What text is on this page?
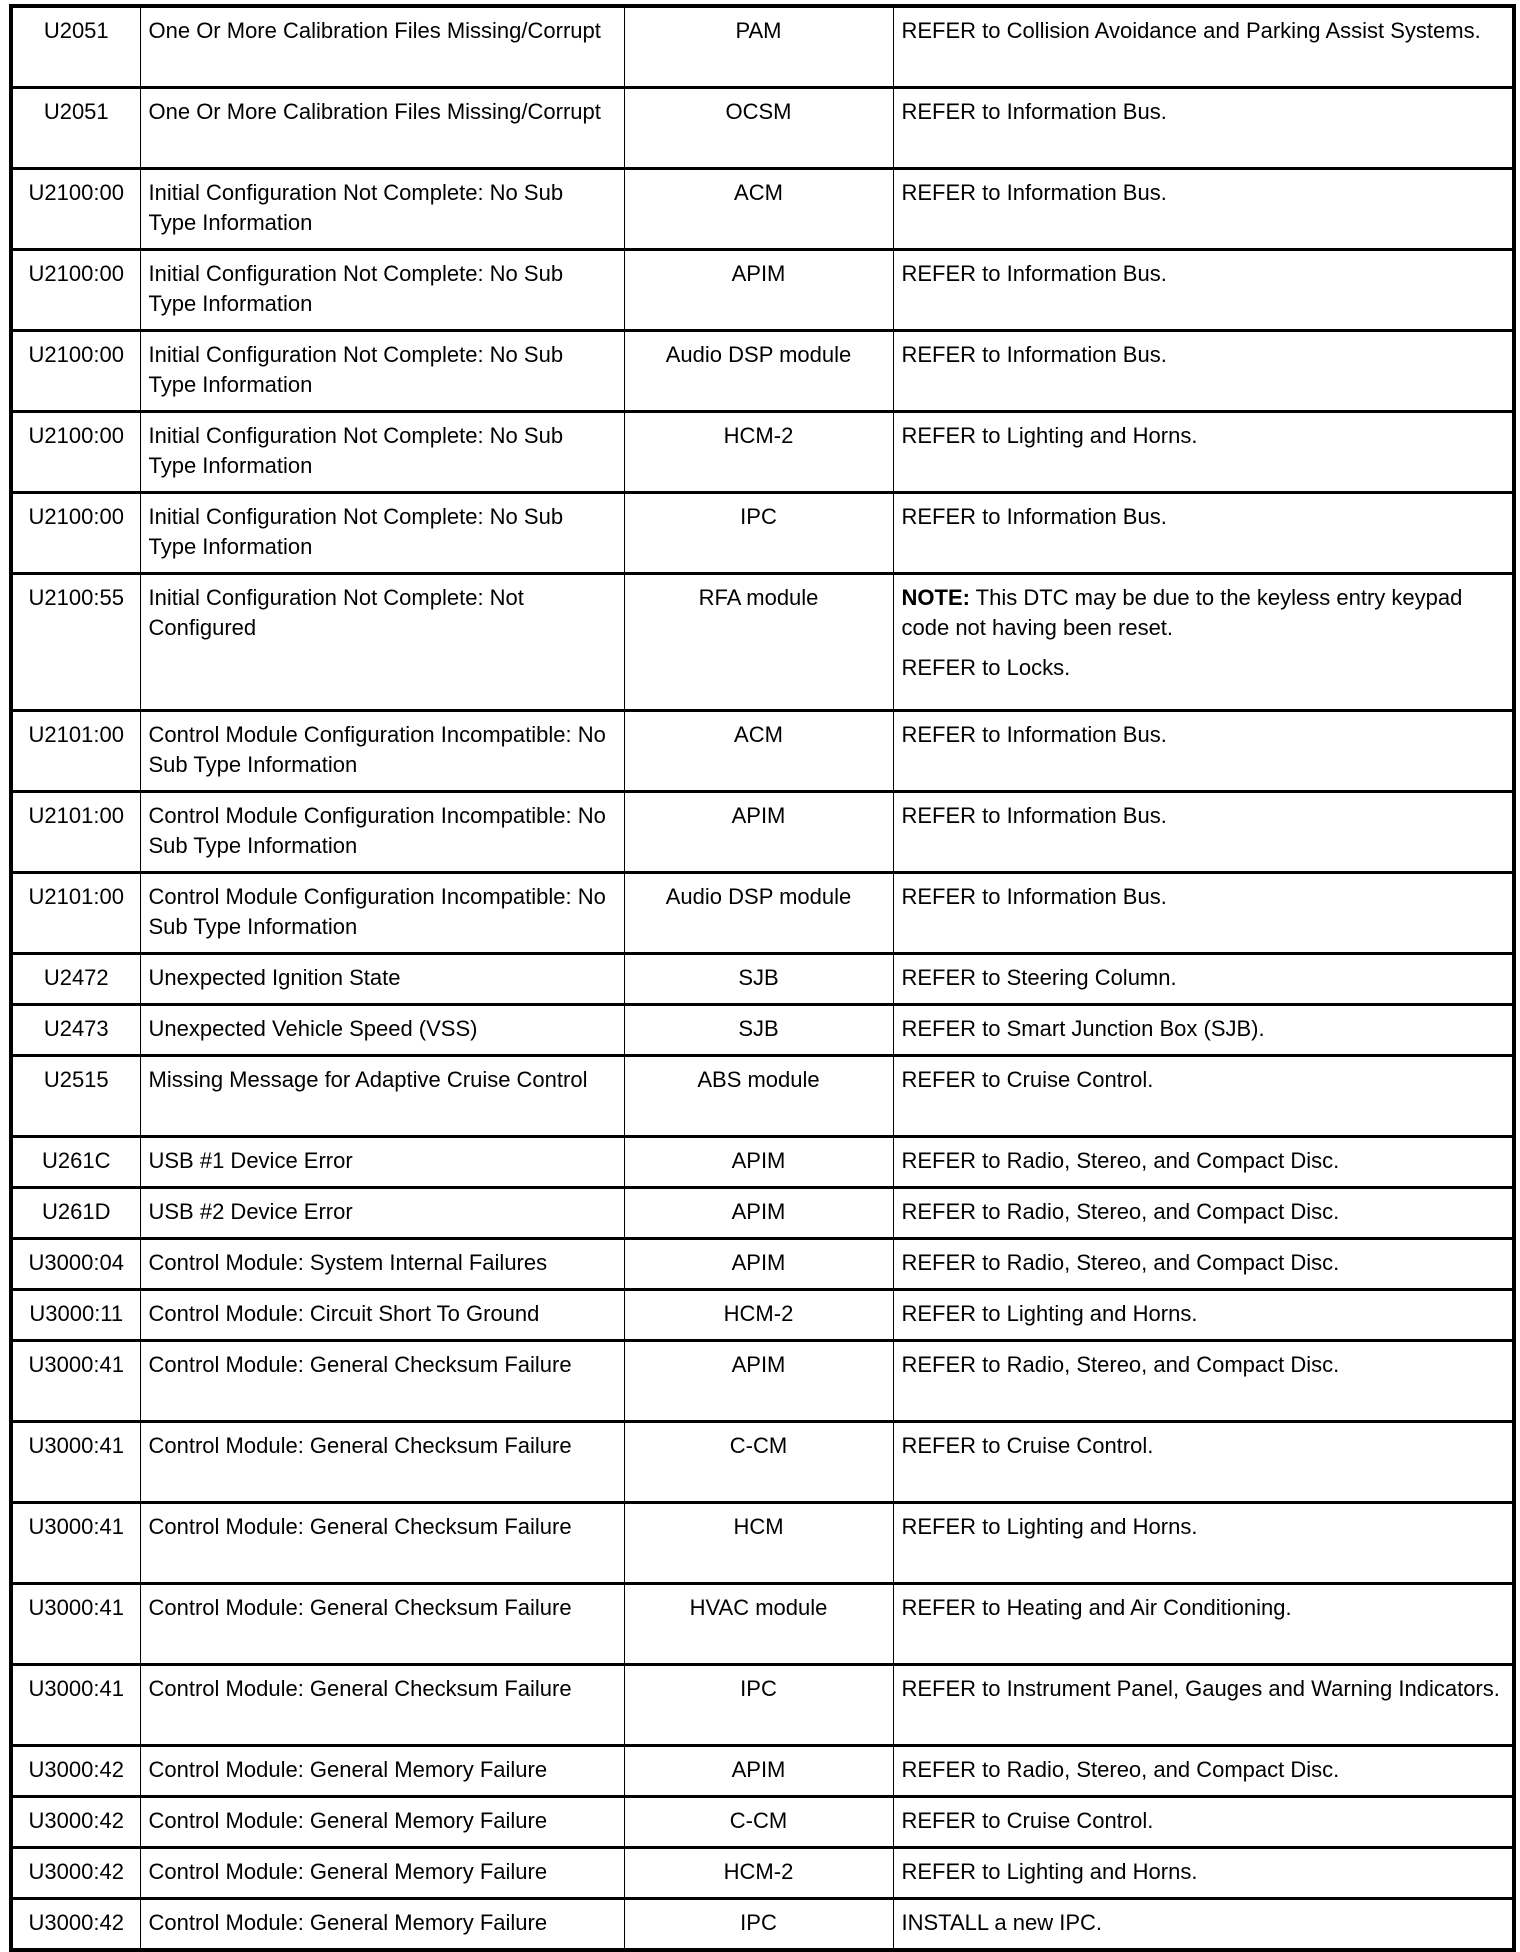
U2051	One Or More Calibration Files Missing/Corrupt	PAM	REFER to Collision Avoidance and Parking Assist Systems.
U2051	One Or More Calibration Files Missing/Corrupt	OCSM	REFER to Information Bus.
U2100:00	Initial Configuration Not Complete: No Sub Type Information	ACM	REFER to Information Bus.
U2100:00	Initial Configuration Not Complete: No Sub Type Information	APIM	REFER to Information Bus.
U2100:00	Initial Configuration Not Complete: No Sub Type Information	Audio DSP module	REFER to Information Bus.
U2100:00	Initial Configuration Not Complete: No Sub Type Information	HCM-2	REFER to Lighting and Horns.
U2100:00	Initial Configuration Not Complete: No Sub Type Information	IPC	REFER to Information Bus.
U2100:55	Initial Configuration Not Complete: Not Configured	RFA module	NOTE: This DTC may be due to the keyless entry keypad code not having been reset.

REFER to Locks.

U2101:00	Control Module Configuration Incompatible: No Sub Type Information	ACM	REFER to Information Bus.
U2101:00	Control Module Configuration Incompatible: No Sub Type Information	APIM	REFER to Information Bus.
U2101:00	Control Module Configuration Incompatible: No Sub Type Information	Audio DSP module	REFER to Information Bus.
U2472	Unexpected Ignition State	SJB	REFER to Steering Column.
U2473	Unexpected Vehicle Speed (VSS)	SJB	REFER to Smart Junction Box (SJB).
U2515	Missing Message for Adaptive Cruise Control	ABS module	REFER to Cruise Control.
U261C	USB #1 Device Error	APIM	REFER to Radio, Stereo, and Compact Disc.
U261D	USB #2 Device Error	APIM	REFER to Radio, Stereo, and Compact Disc.
U3000:04	Control Module: System Internal Failures	APIM	REFER to Radio, Stereo, and Compact Disc.
U3000:11	Control Module: Circuit Short To Ground	HCM-2	REFER to Lighting and Horns.
U3000:41	Control Module: General Checksum Failure	APIM	REFER to Radio, Stereo, and Compact Disc.
U3000:41	Control Module: General Checksum Failure	C-CM	REFER to Cruise Control.
U3000:41	Control Module: General Checksum Failure	HCM	REFER to Lighting and Horns.
U3000:41	Control Module: General Checksum Failure	HVAC module	REFER to Heating and Air Conditioning.
U3000:41	Control Module: General Checksum Failure	IPC	REFER to Instrument Panel, Gauges and Warning Indicators.
U3000:42	Control Module: General Memory Failure	APIM	REFER to Radio, Stereo, and Compact Disc.
U3000:42	Control Module: General Memory Failure	C-CM	REFER to Cruise Control.
U3000:42	Control Module: General Memory Failure	HCM-2	REFER to Lighting and Horns.
U3000:42	Control Module: General Memory Failure	IPC	INSTALL a new IPC.
